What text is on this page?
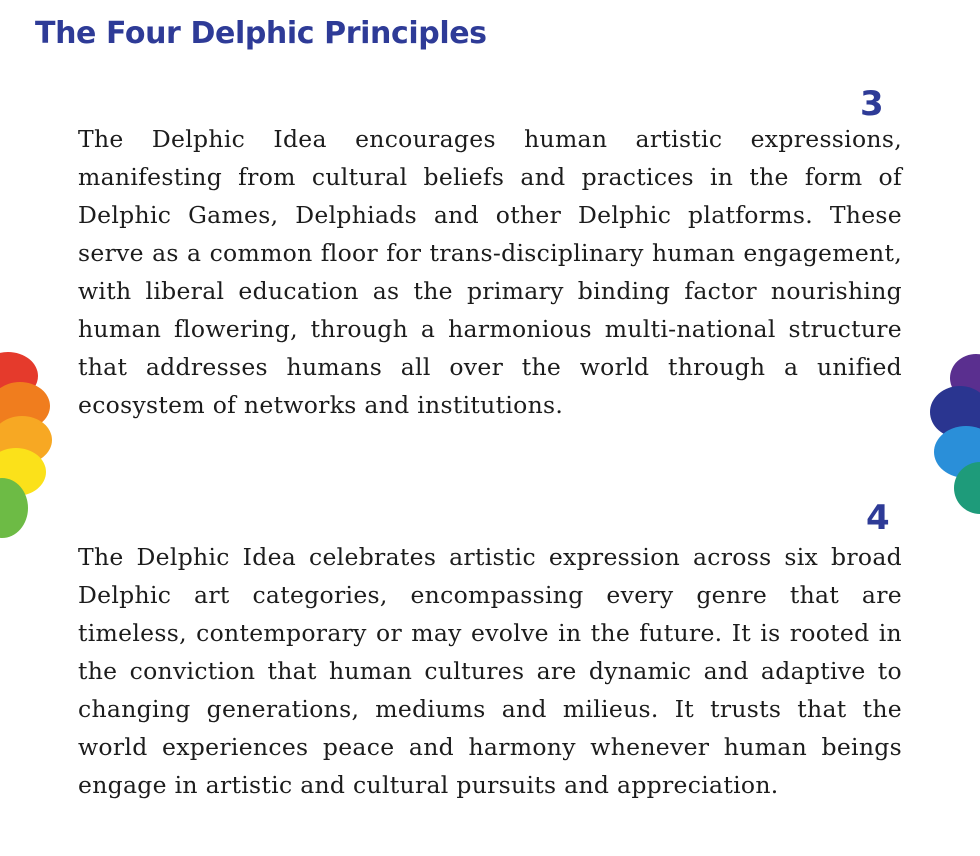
The Four Delphic Principles
3

The Delphic Idea encourages human artistic expressions, manifesting from cultural beliefs and practices in the form of Delphic Games, Delphiads and other Delphic platforms. These serve as a common floor for trans-disciplinary human engagement, with liberal education as the primary binding factor nourishing human flowering, through a harmonious multi-national structure that addresses humans all over the world through a unified ecosystem of networks and institutions.

4

The Delphic Idea celebrates artistic expression across six broad Delphic art categories, encompassing every genre that are timeless, contemporary or may evolve in the future. It is rooted in the conviction that human cultures are dynamic and adaptive to changing generations, mediums and milieus. It trusts that the world experiences peace and harmony whenever human beings engage in artistic and cultural pursuits and appreciation.
